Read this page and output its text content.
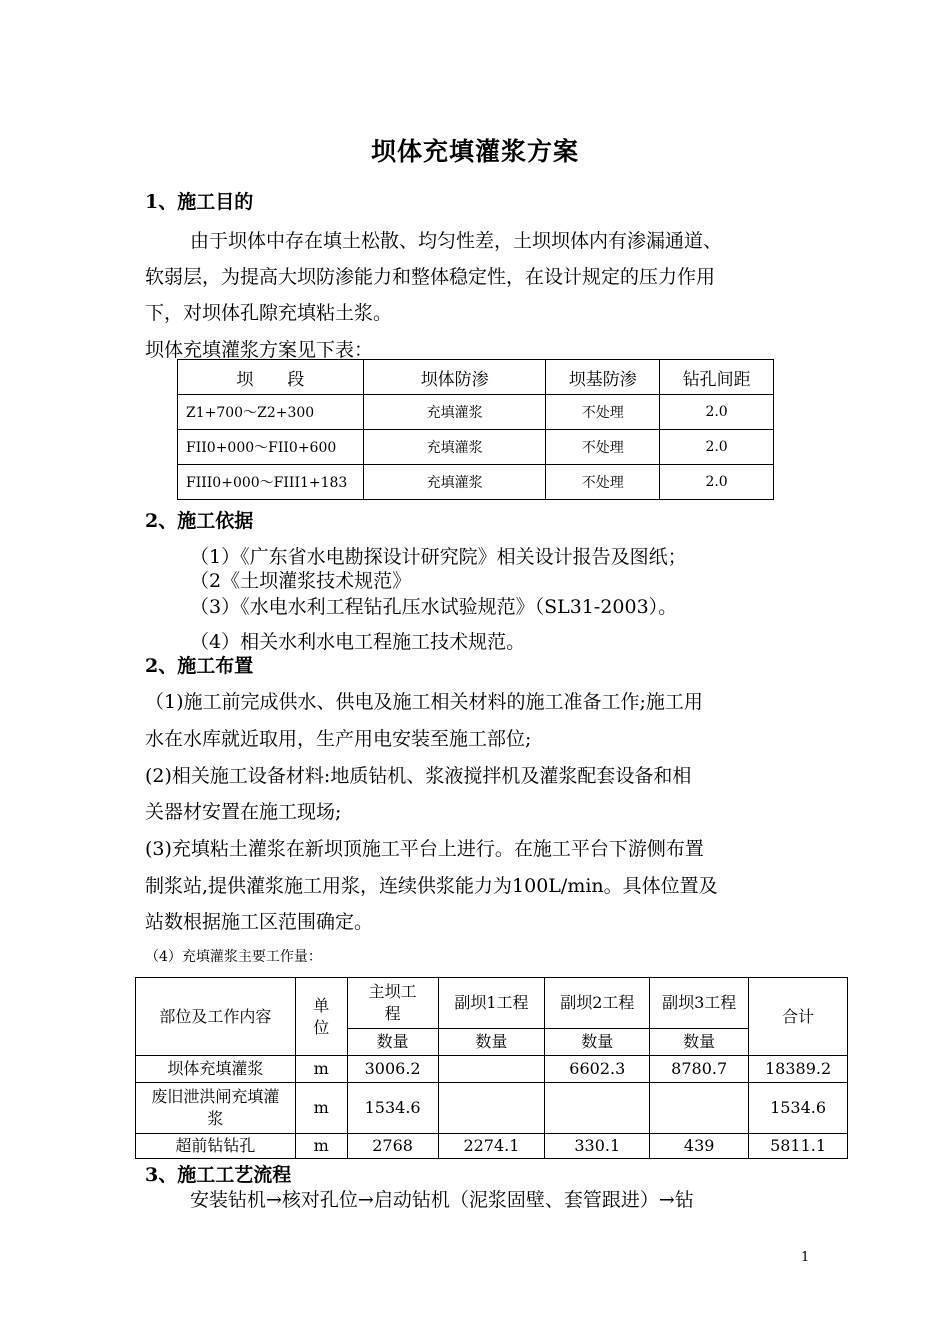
坝体充填灌浆方案
1、施工目的
由于坝体中存在填土松散、均匀性差，土坝坝体内有渗漏通道、
软弱层，为提高大坝防渗能力和整体稳定性，在设计规定的压力作用
下，对坝体孔隙充填粘土浆。
坝体充填灌浆方案见下表：
坝　　段	坝体防渗	坝基防渗	钻孔间距
Z1+700～Z2+300	充填灌浆	不处理	2.0
FII0+000～FII0+600	充填灌浆	不处理	2.0
FIII0+000～FIII1+183	充填灌浆	不处理	2.0
2、施工依据
（1）《广东省水电勘探设计研究院》相关设计报告及图纸；
（2《土坝灌浆技术规范》
（3）《水电水利工程钻孔压水试验规范》（SL31-2003）。
（4）相关水利水电工程施工技术规范。
2、施工布置
（1)施工前完成供水、供电及施工相关材料的施工准备工作;施工用
水在水库就近取用，生产用电安装至施工部位;
(2)相关施工设备材料:地质钻机、浆液搅拌机及灌浆配套设备和相
关器材安置在施工现场;
(3)充填粘土灌浆在新坝顶施工平台上进行。在施工平台下游侧布置
制浆站,提供灌浆施工用浆，连续供浆能力为100L/min。具体位置及
站数根据施工区范围确定。
（4）充填灌浆主要工作量：
部位及工作内容	单位	主坝工程	副坝1工程	副坝2工程	副坝3工程	合计
		数量	数量	数量	数量	
坝体充填灌浆	m	3006.2		6602.3	8780.7	18389.2

废旧泄洪闸充填灌浆	m	1534.6				1534.6
超前钻钻孔	m	2768	2274.1	330.1	439	5811.1
3、施工工艺流程
安装钻机→核对孔位→启动钻机（泥浆固壁、套管跟进）→钻
1
